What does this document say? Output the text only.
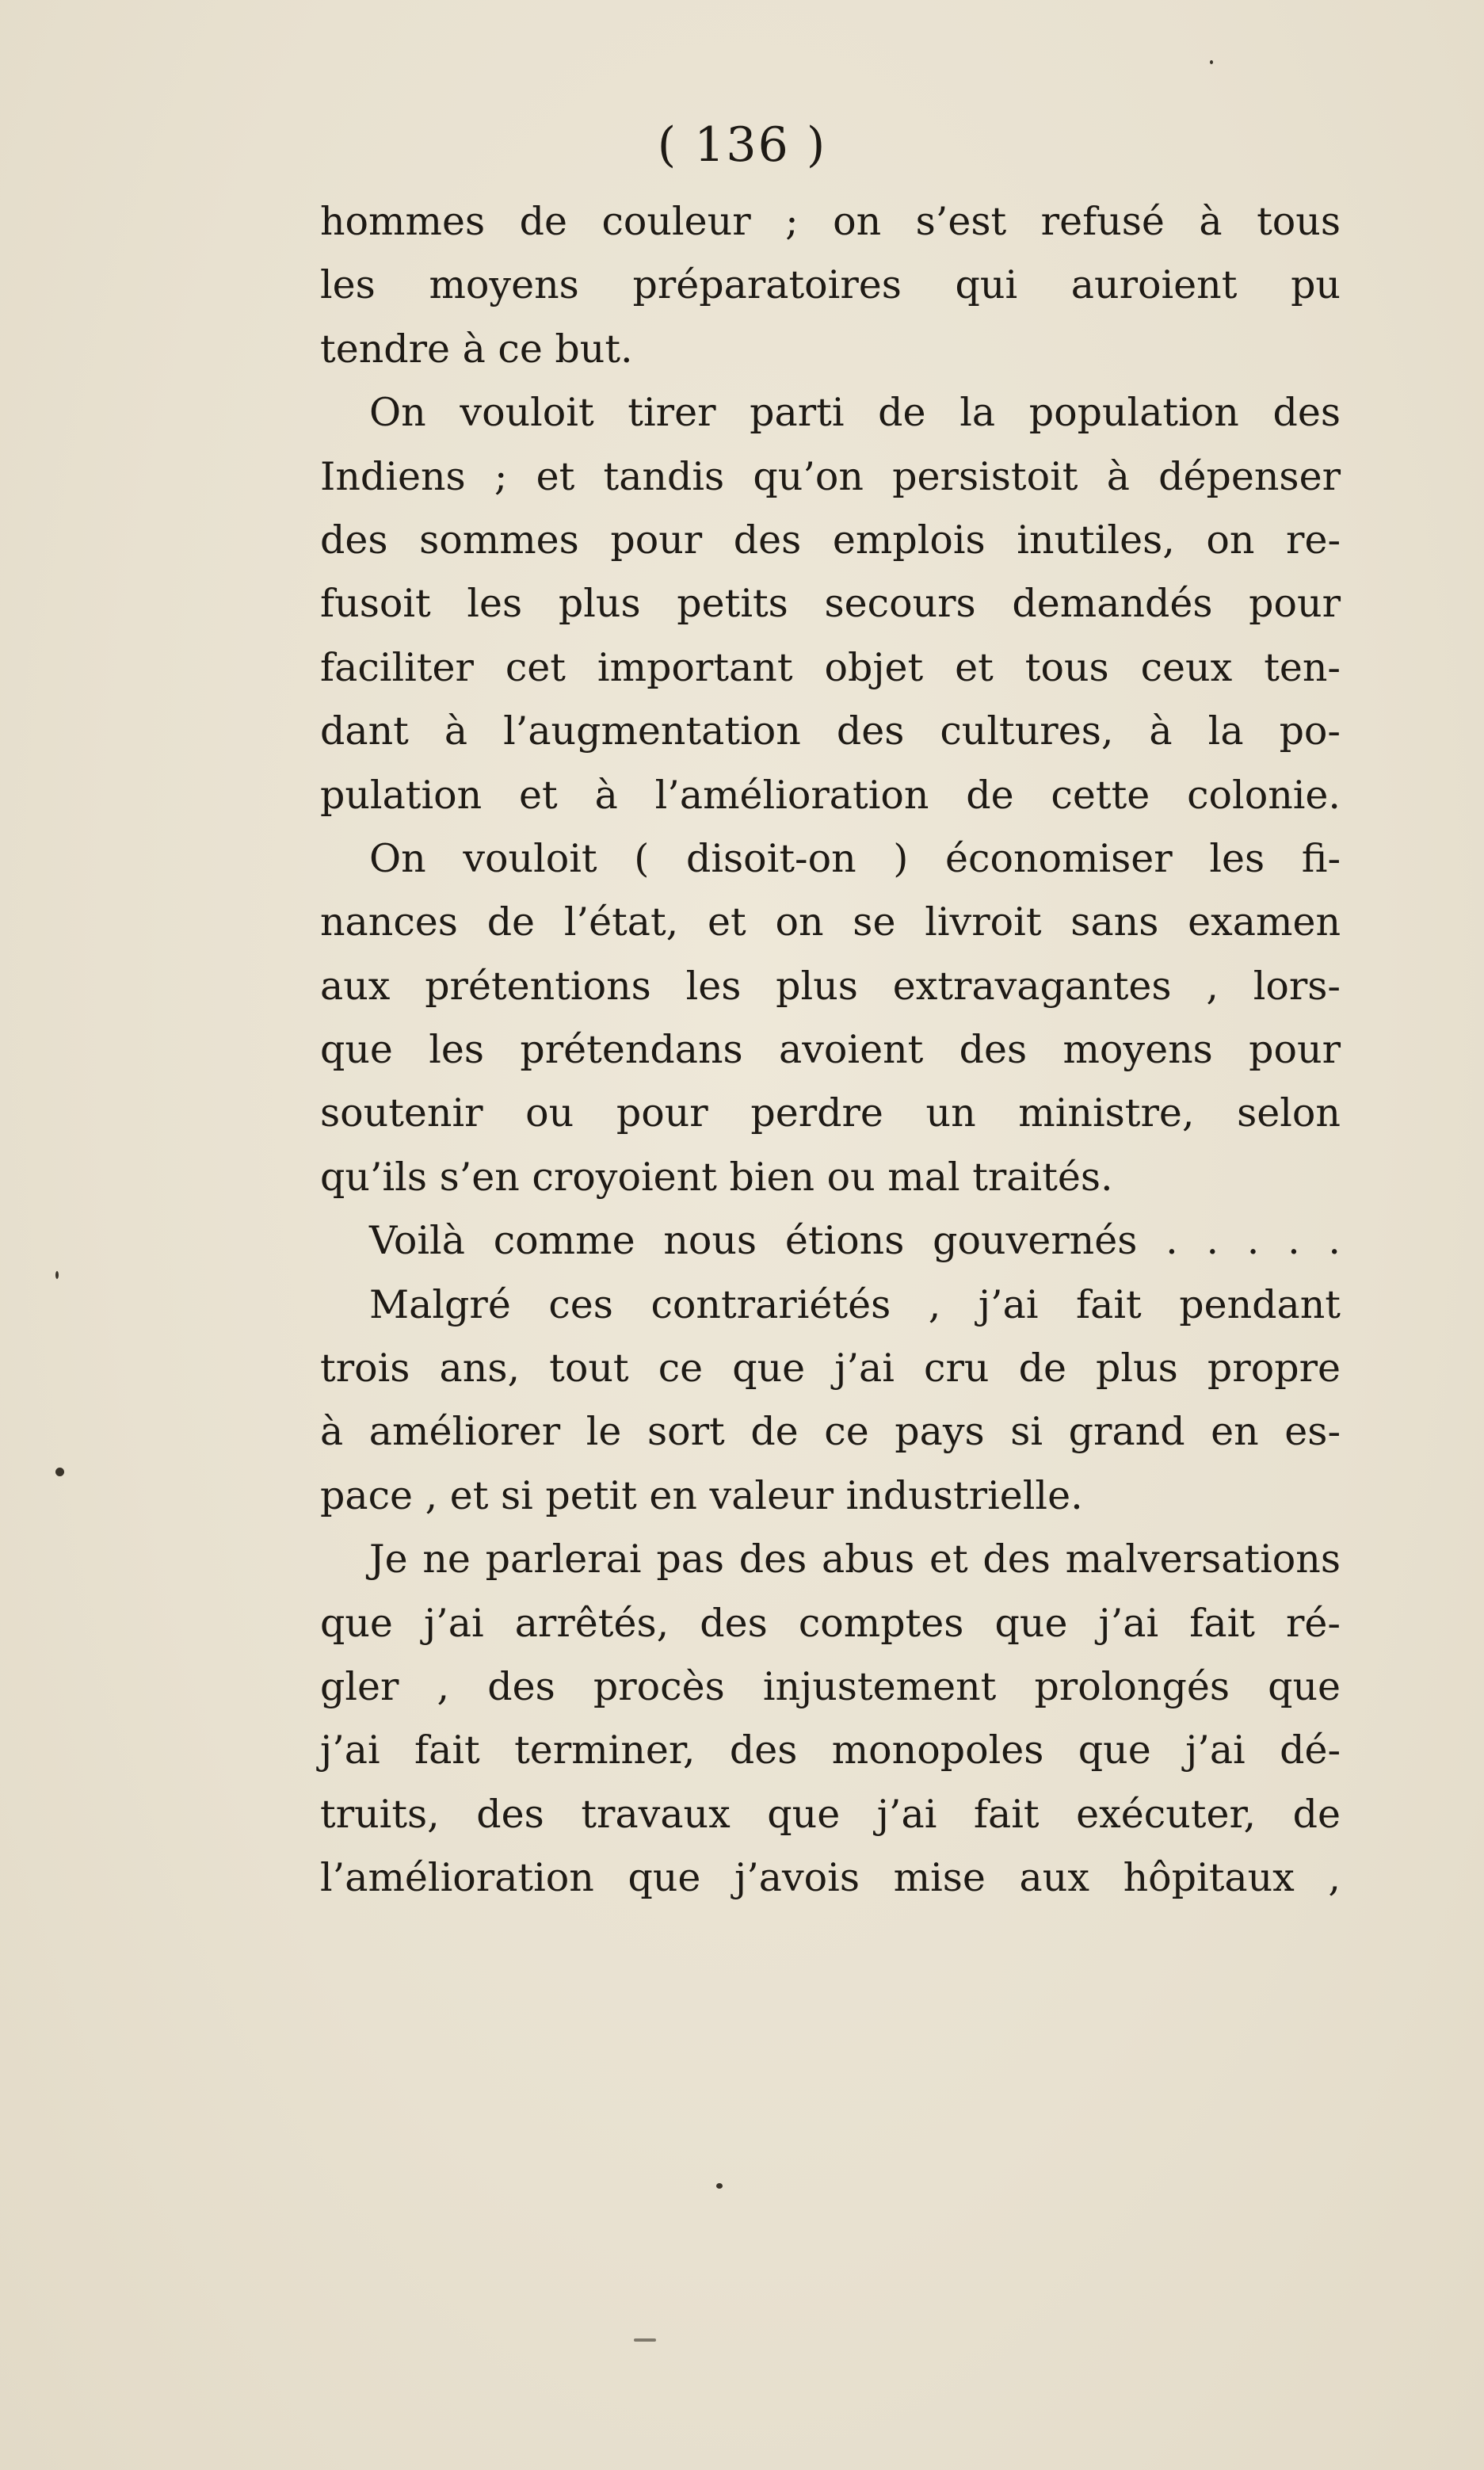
( 136 )
hommes de couleur ; on s’est refusé à tous
les moyens préparatoires qui auroient pu
tendre à ce but.
On vouloit tirer parti de la population des
Indiens ; et tandis qu’on persistoit à dépenser
des sommes pour des emplois inutiles, on re-
fusoit les plus petits secours demandés pour
faciliter cet important objet et tous ceux ten-
dant à l’augmentation des cultures, à la po-
pulation et à l’amélioration de cette colonie.
On vouloit ( disoit-on ) économiser les fi-
nances de l’état, et on se livroit sans examen
aux prétentions les plus extravagantes , lors-
que les prétendans avoient des moyens pour
soutenir ou pour perdre un ministre, selon
qu’ils s’en croyoient bien ou mal traités.
Voilà comme nous étions gouvernés . . . . .
Malgré ces contrariétés , j’ai fait pendant
trois ans, tout ce que j’ai cru de plus propre
à améliorer le sort de ce pays si grand en es-
pace , et si petit en valeur industrielle.
Je ne parlerai pas des abus et des malversations
que j’ai arrêtés, des comptes que j’ai fait ré-
gler , des procès injustement prolongés que
j’ai fait terminer, des monopoles que j’ai dé-
truits, des travaux que j’ai fait exécuter, de
l’amélioration que j’avois mise aux hôpitaux ,
